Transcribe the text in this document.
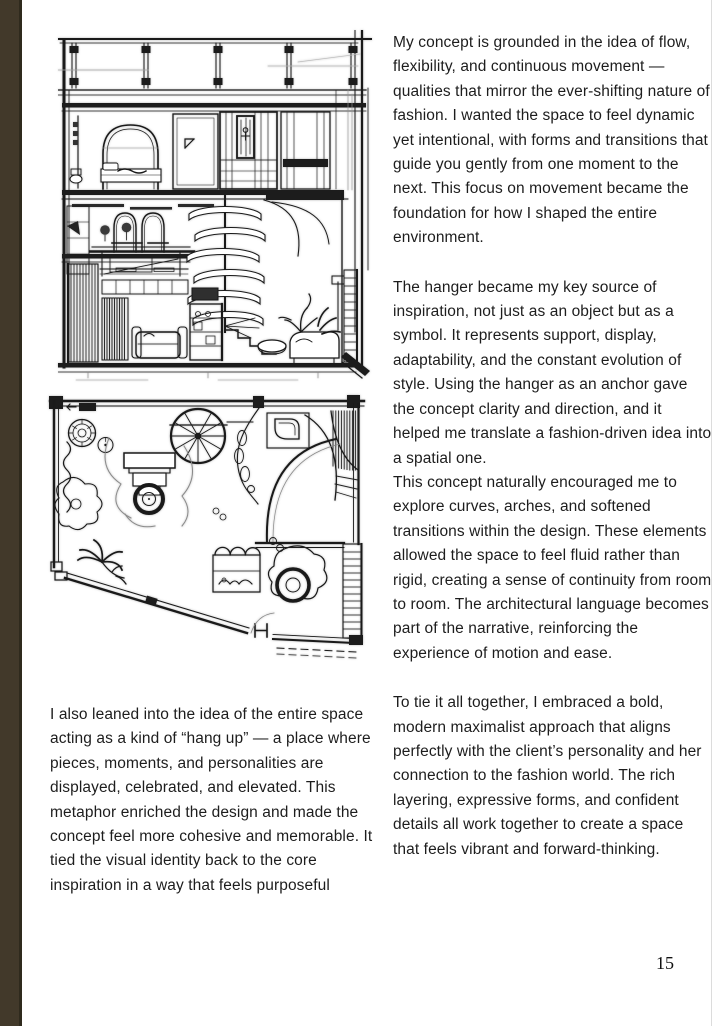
My concept is grounded in the idea of flow, flexibility, and continuous movement — qualities that mirror the ever-shifting nature of fashion. I wanted the space to feel dynamic yet intentional, with forms and transitions that guide you gently from one moment to the next. This focus on movement became the foundation for how I shaped the entire environment.

The hanger became my key source of inspiration, not just as an object but as a symbol. It represents support, display, adaptability, and the constant evolution of style. Using the hanger as an anchor gave the concept clarity and direction, and it helped me translate a fashion-driven idea into a spatial one.

This concept naturally encouraged me to explore curves, arches, and softened transitions within the design. These elements allowed the space to feel fluid rather than rigid, creating a sense of continuity from room to room. The architectural language becomes part of the narrative, reinforcing the experience of motion and ease.

To tie it all together, I embraced a bold, modern maximalist approach that aligns perfectly with the client’s personality and her connection to the fashion world. The rich layering, expressive forms, and confident details all work together to create a space that feels vibrant and forward-thinking.

I also leaned into the idea of the entire space acting as a kind of “hang up” — a place where pieces, moments, and personalities are displayed, celebrated, and elevated. This metaphor enriched the design and made the concept feel more cohesive and memorable. It tied the visual identity back to the core inspiration in a way that feels purposeful

15
